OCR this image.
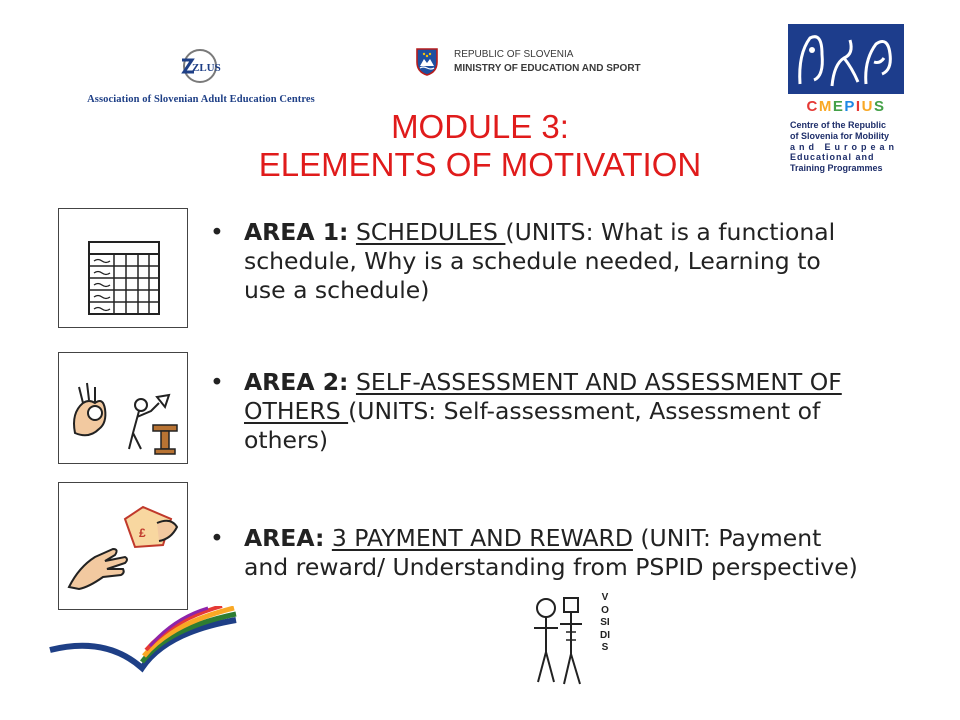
ZLUS
Association of Slovenian Adult Education Centres
REPUBLIC OF SLOVENIA
MINISTRY OF EDUCATION AND SPORT
CMEPIUS
Centre of the Republic
of Slovenia for Mobility
and European
Educational and
Training Programmes
MODULE 3:
ELEMENTS OF MOTIVATION
£
• AREA 1: SCHEDULES (UNITS: What is a functional schedule, Why is a schedule needed, Learning to use a schedule)
• AREA 2: SELF-ASSESSMENT AND ASSESSMENT OF OTHERS (UNITS: Self-assessment, Assessment of others)
• AREA: 3 PAYMENT AND REWARD (UNIT: Payment and reward/ Understanding from PSPID perspective)
VOSIDIS
